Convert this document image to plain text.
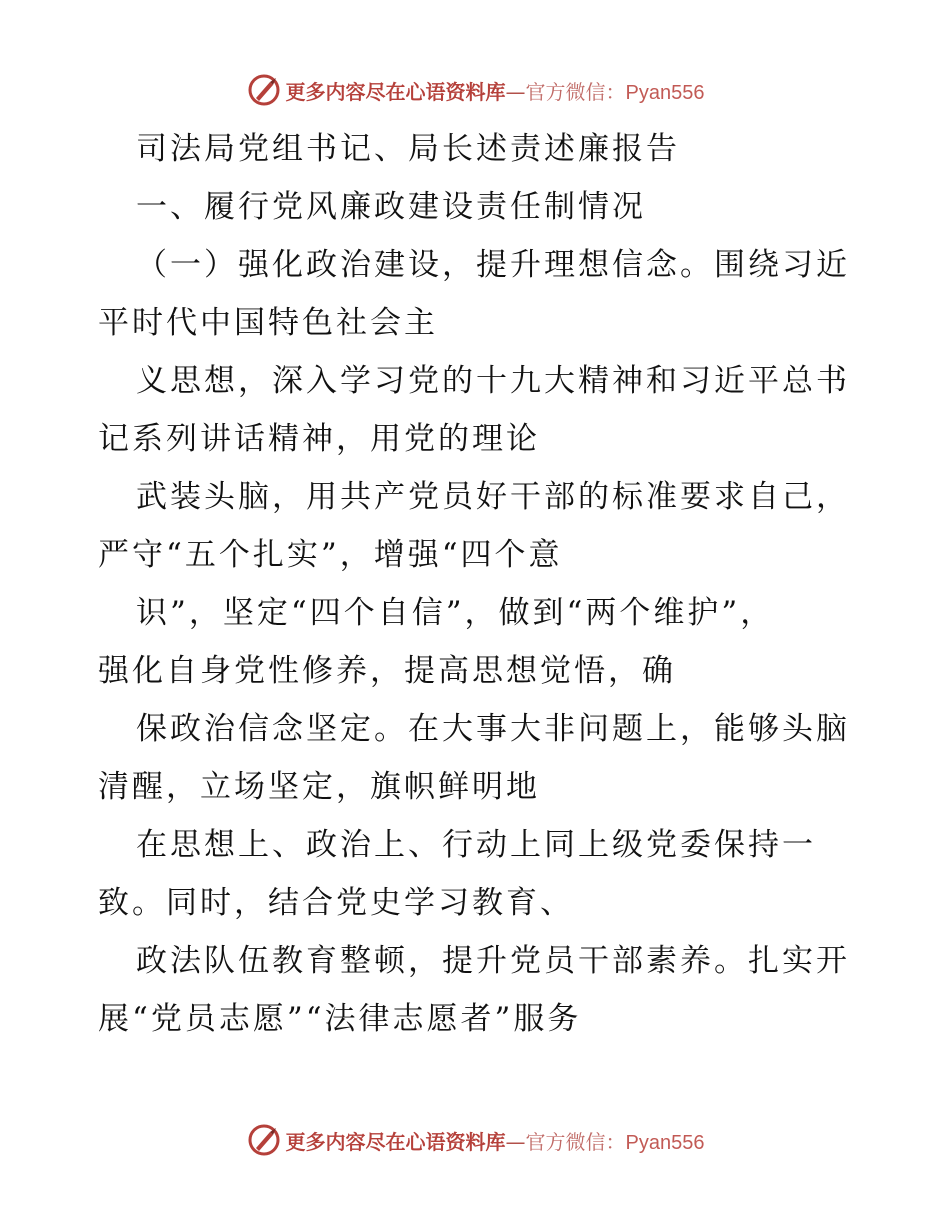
更多内容尽在心语资料库—官方微信：Pyan556
司法局党组书记、局长述责述廉报告
一、履行党风廉政建设责任制情况
（一）强化政治建设，提升理想信念。围绕习近
平时代中国特色社会主
义思想，深入学习党的十九大精神和习近平总书
记系列讲话精神，用党的理论
武装头脑，用共产党员好干部的标准要求自己，
严守“五个扎实”，增强“四个意
识”，坚定“四个自信”，做到“两个维护”，
强化自身党性修养，提高思想觉悟，确
保政治信念坚定。在大事大非问题上，能够头脑
清醒，立场坚定，旗帜鲜明地
在思想上、政治上、行动上同上级党委保持一
致。同时，结合党史学习教育、
政法队伍教育整顿，提升党员干部素养。扎实开
展“党员志愿”“法律志愿者”服务
更多内容尽在心语资料库—官方微信：Pyan556
